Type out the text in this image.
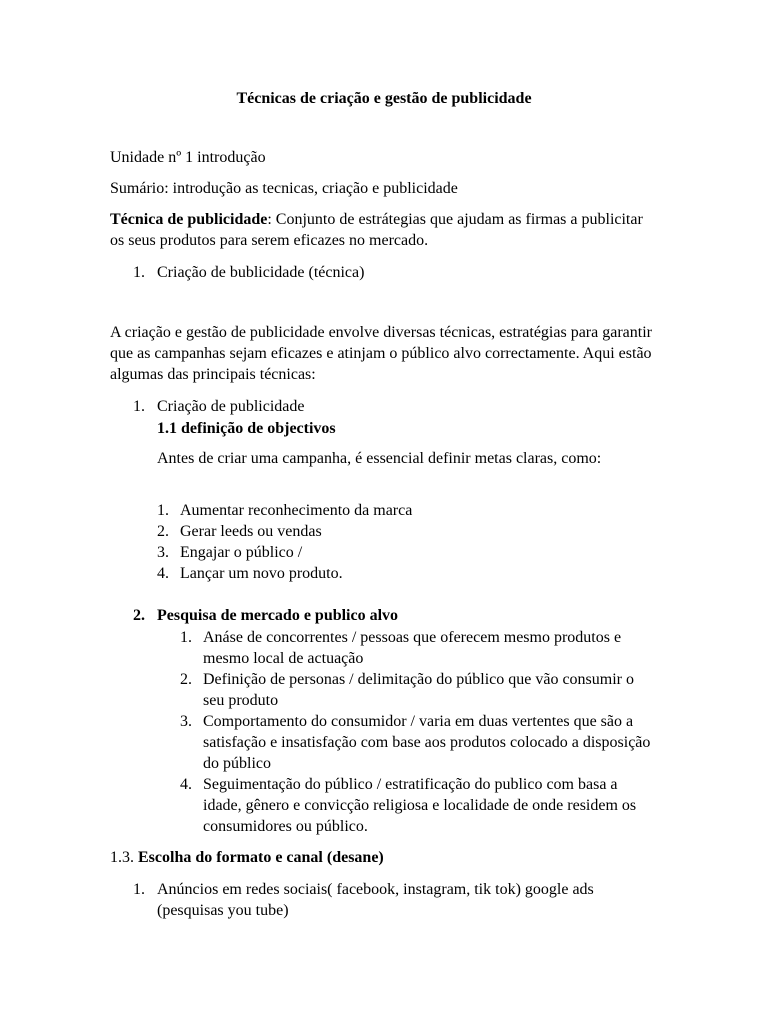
Técnicas de criação e gestão de publicidade

Unidade nº 1 introdução

Sumário: introdução as tecnicas, criação e publicidade

Técnica de publicidade: Conjunto de estrátegias que ajudam as firmas a publicitar os seus produtos para serem eficazes no mercado.

1. Criação de bublicidade (técnica)

A criação e gestão de publicidade envolve diversas técnicas, estratégias para garantir que as campanhas sejam eficazes e atinjam o público alvo correctamente. Aqui estão algumas das principais técnicas:

1. Criação de publicidade

1.1 definição de objectivos

Antes de criar uma campanha, é essencial definir metas claras, como:

1. Aumentar reconhecimento da marca
2. Gerar leeds ou vendas
3. Engajar o público /
4. Lançar um novo produto.
2. Pesquisa de mercado e publico alvo
1. Anáse de concorrentes / pessoas que oferecem mesmo produtos e mesmo local de actuação
2. Definição de personas / delimitação do público que vão consumir o seu produto
3. Comportamento do consumidor / varia em duas vertentes que são a satisfação e insatisfação com base aos produtos colocado a disposição do público
4. Seguimentação do público / estratificação do publico com basa a idade, gênero e convicção religiosa e localidade de onde residem os consumidores ou público.

1.3. Escolha do formato e canal (desane)

1. Anúncios em redes sociais( facebook, instagram, tik tok) google ads (pesquisas you tube)
